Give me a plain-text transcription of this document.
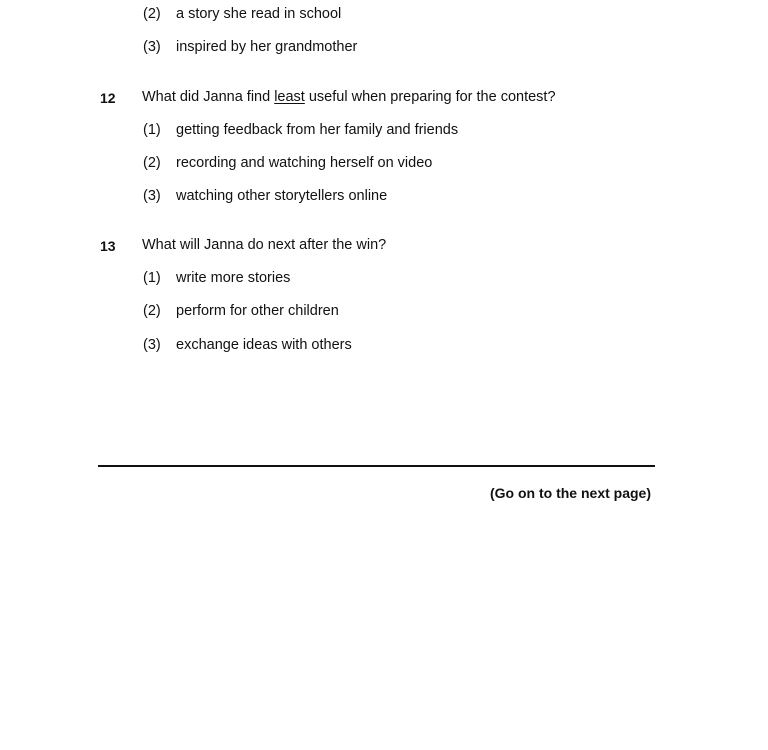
(2) a story she read in school
(3) inspired by her grandmother
12 What did Janna find least useful when preparing for the contest?
(1) getting feedback from her family and friends
(2) recording and watching herself on video
(3) watching other storytellers online
13 What will Janna do next after the win?
(1) write more stories
(2) perform for other children
(3) exchange ideas with others
(Go on to the next page)
